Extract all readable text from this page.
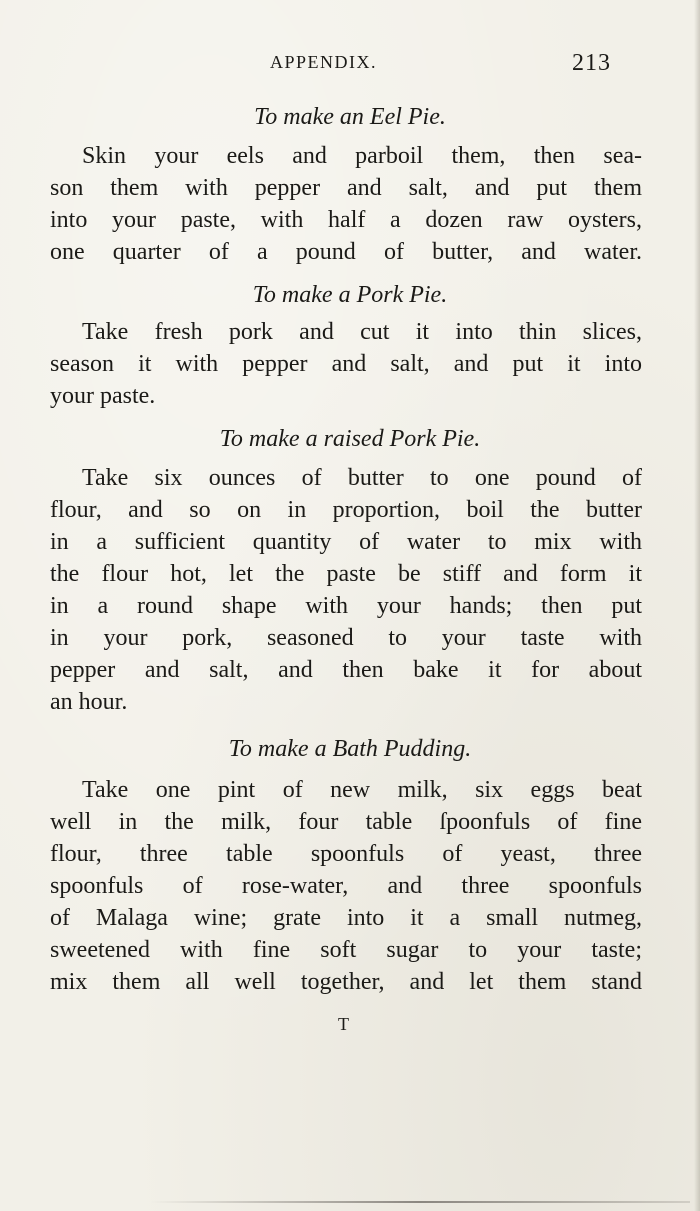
APPENDIX.	213

To make an Eel Pie.

Skin your eels and parboil them, then sea-
son them with pepper and salt, and put them
into your paste, with half a dozen raw oysters,
one quarter of a pound of butter, and water.

To make a Pork Pie.

Take fresh pork and cut it into thin slices,
season it with pepper and salt, and put it into
your paste.

To make a raised Pork Pie.

Take six ounces of butter to one pound of
flour, and so on in proportion, boil the butter
in a sufficient quantity of water to mix with
the flour hot, let the paste be stiff and form it
in a round shape with your hands; then put
in your pork, seasoned to your taste with
pepper and salt, and then bake it for about
an hour.

To make a Bath Pudding.

Take one pint of new milk, six eggs beat
well in the milk, four table ſpoonfuls of fine
flour, three table spoonfuls of yeast, three
spoonfuls of rose-water, and three spoonfuls
of Malaga wine; grate into it a small nutmeg,
sweetened with fine soft sugar to your taste;
mix them all well together, and let them stand

T
